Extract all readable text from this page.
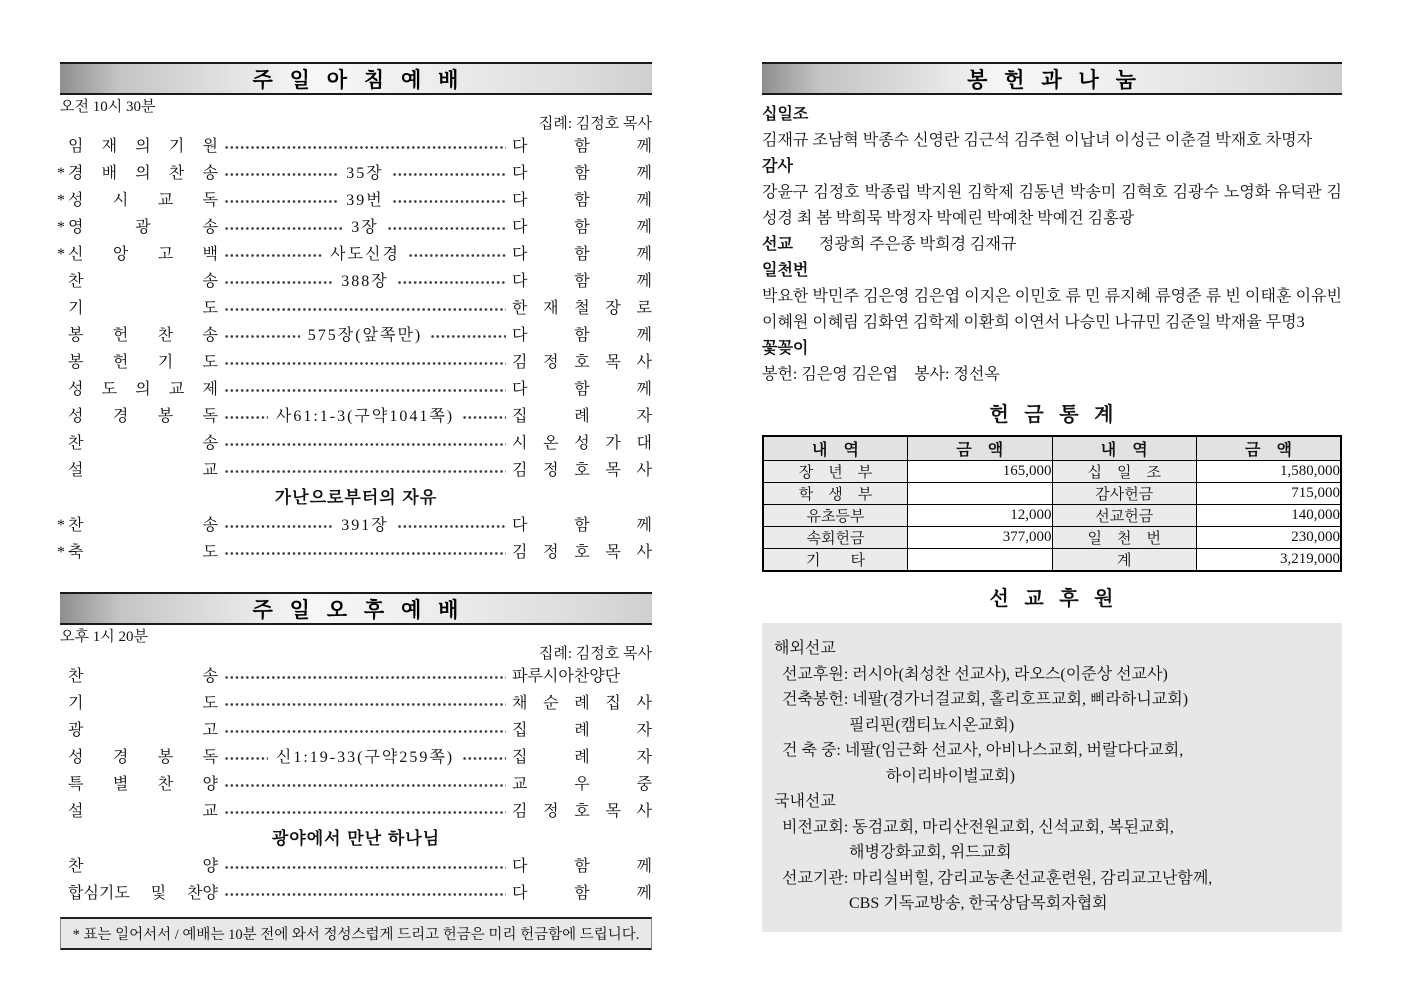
주 일 아 침 예 배
오전 10시 30분
집례: 김정호 목사
임 재 의 기 원	다 함 께
* 경 배 의 찬 송	35장	다 함 께
* 성 시 교 독	39번	다 함 께
* 영 광 송	3장	다 함 께
* 신 앙 고 백	사도신경	다 함 께
찬 송	388장	다 함 께
기 도	한 재 철 장 로
봉 헌 찬 송	575장(앞쪽만)	다 함 께
봉 헌 기 도	김 정 호 목 사
성 도 의 교 제	다 함 께
성 경 봉 독	사61:1-3(구약1041쪽)	집 례 자
찬 송	시 온 성 가 대
설 교	김 정 호 목 사
가난으로부터의 자유
* 찬 송	391장	다 함 께
* 축 도	김 정 호 목 사
주 일 오 후 예 배
오후 1시 20분
집례: 김정호 목사
찬 송	파루시아찬양단
기 도	채 순 례 집 사
광 고	집 례 자
성 경 봉 독	신1:19-33(구약259쪽)	집 례 자
특 별 찬 양	교 우 중
설 교	김 정 호 목 사
광야에서 만난 하나님
찬 양	다 함 께
합심기도 및 찬양	다 함 께
* 표는 일어서서 / 예배는 10분 전에 와서 정성스럽게 드리고 헌금은 미리 헌금함에 드립니다.
봉 헌 과 나 눔
십일조
김재규 조남혁 박종수 신영란 김근석 김주현 이납녀 이성근 이춘걸 박재호 차명자
감사
강윤구 김정호 박종립 박지원 김학제 김동년 박송미 김혁호 김광수 노영화 유덕관 김성경 최 봄 박희묵 박정자 박예린 박예찬 박예건 김홍광
선교 정광희 주은종 박희경 김재규
일천번
박요한 박민주 김은영 김은엽 이지은 이민호 류 민 류지혜 류영준 류 빈 이태훈 이유빈 이혜원 이혜림 김화연 김학제 이환희 이연서 나승민 나규민 김준일 박재율 무명3
꽃꽂이
봉헌: 김은영 김은엽　봉사: 정선옥
헌 금 통 계
내　역	금　액	내　역	금　액
장　년　부	165,000	십　일　조	1,580,000
학　생　부		감사헌금	715,000
유초등부	12,000	선교헌금	140,000
속회헌금	377,000	일　천　번	230,000
기　　타		계	3,219,000
선 교 후 원
해외선교
선교후원: 러시아(최성찬 선교사), 라오스(이준상 선교사)
건축봉헌: 네팔(경가너걸교회, 홀리호프교회, 삐라하니교회)
필리핀(캠티뇨시온교회)
건 축 중: 네팔(임근화 선교사, 아비나스교회, 버랄다다교회,
하이리바이벌교회)
국내선교
비전교회: 동검교회, 마리산전원교회, 신석교회, 복된교회,
해병강화교회, 위드교회
선교기관: 마리실버힐, 감리교농촌선교훈련원, 감리교고난함께,
CBS 기독교방송, 한국상담목회자협회
